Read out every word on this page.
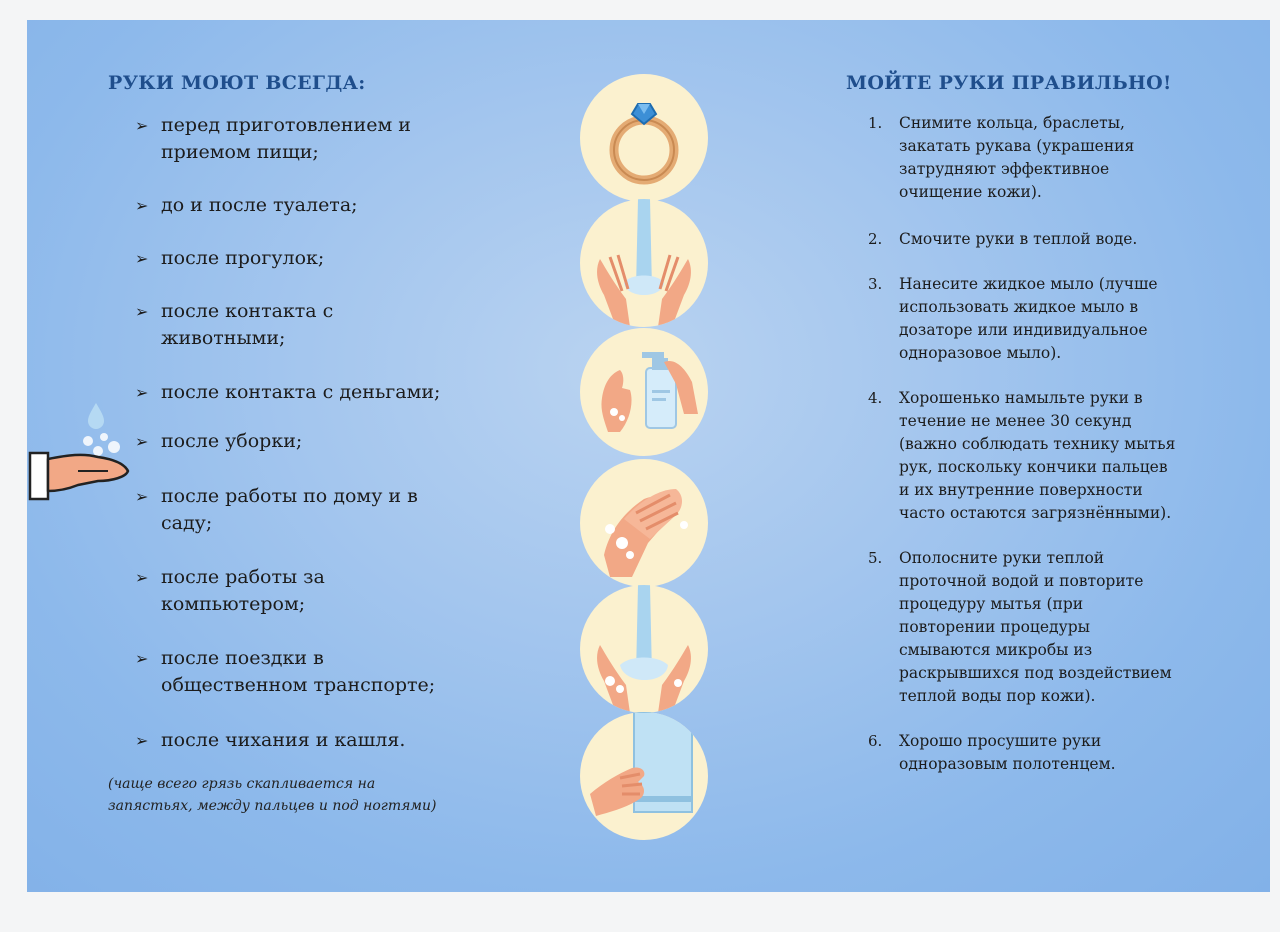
РУКИ МОЮТ ВСЕГДА:
➢ перед приготовлением и
приемом пищи;
➢ до и после туалета;
➢ после прогулок;
➢ после контакта с
животными;
➢ после контакта с деньгами;
➢ после уборки;
➢ после работы по дому и в
саду;
➢ после работы за
компьютером;
➢ после поездки в
общественном транспорте;
➢ после чихания и кашля.
(чаще всего грязь скапливается на
запястьях, между пальцев и под ногтями)
МОЙТЕ РУКИ ПРАВИЛЬНО!
1. Снимите кольца, браслеты,
закатать рукава (украшения
затрудняют эффективное
очищение кожи).
2. Смочите руки в теплой воде.
3. Нанесите жидкое мыло (лучше
использовать жидкое мыло в
дозаторе или индивидуальное
одноразовое мыло).
4. Хорошенько намыльте руки в
течение не менее 30 секунд
(важно соблюдать технику мытья
рук, поскольку кончики пальцев
и их внутренние поверхности
часто остаются загрязнёнными).
5. Ополосните руки теплой
проточной водой и повторите
процедуру мытья (при
повторении процедуры
смываются микробы из
раскрывшихся под воздействием
теплой воды пор кожи).
6. Хорошо просушите руки
одноразовым полотенцем.
